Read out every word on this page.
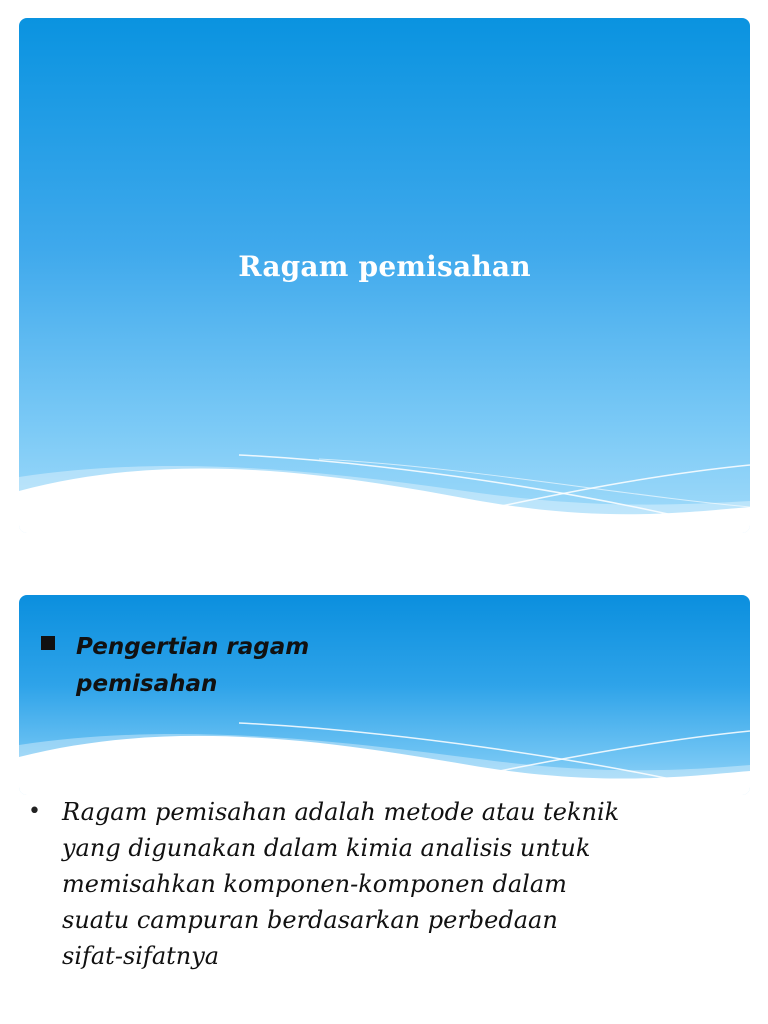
Ragam pemisahan
Pengertian ragam pemisahan
• Ragam pemisahan adalah metode atau teknik yang digunakan dalam kimia analisis untuk memisahkan komponen-komponen dalam suatu campuran berdasarkan perbedaan sifat-sifatnya
